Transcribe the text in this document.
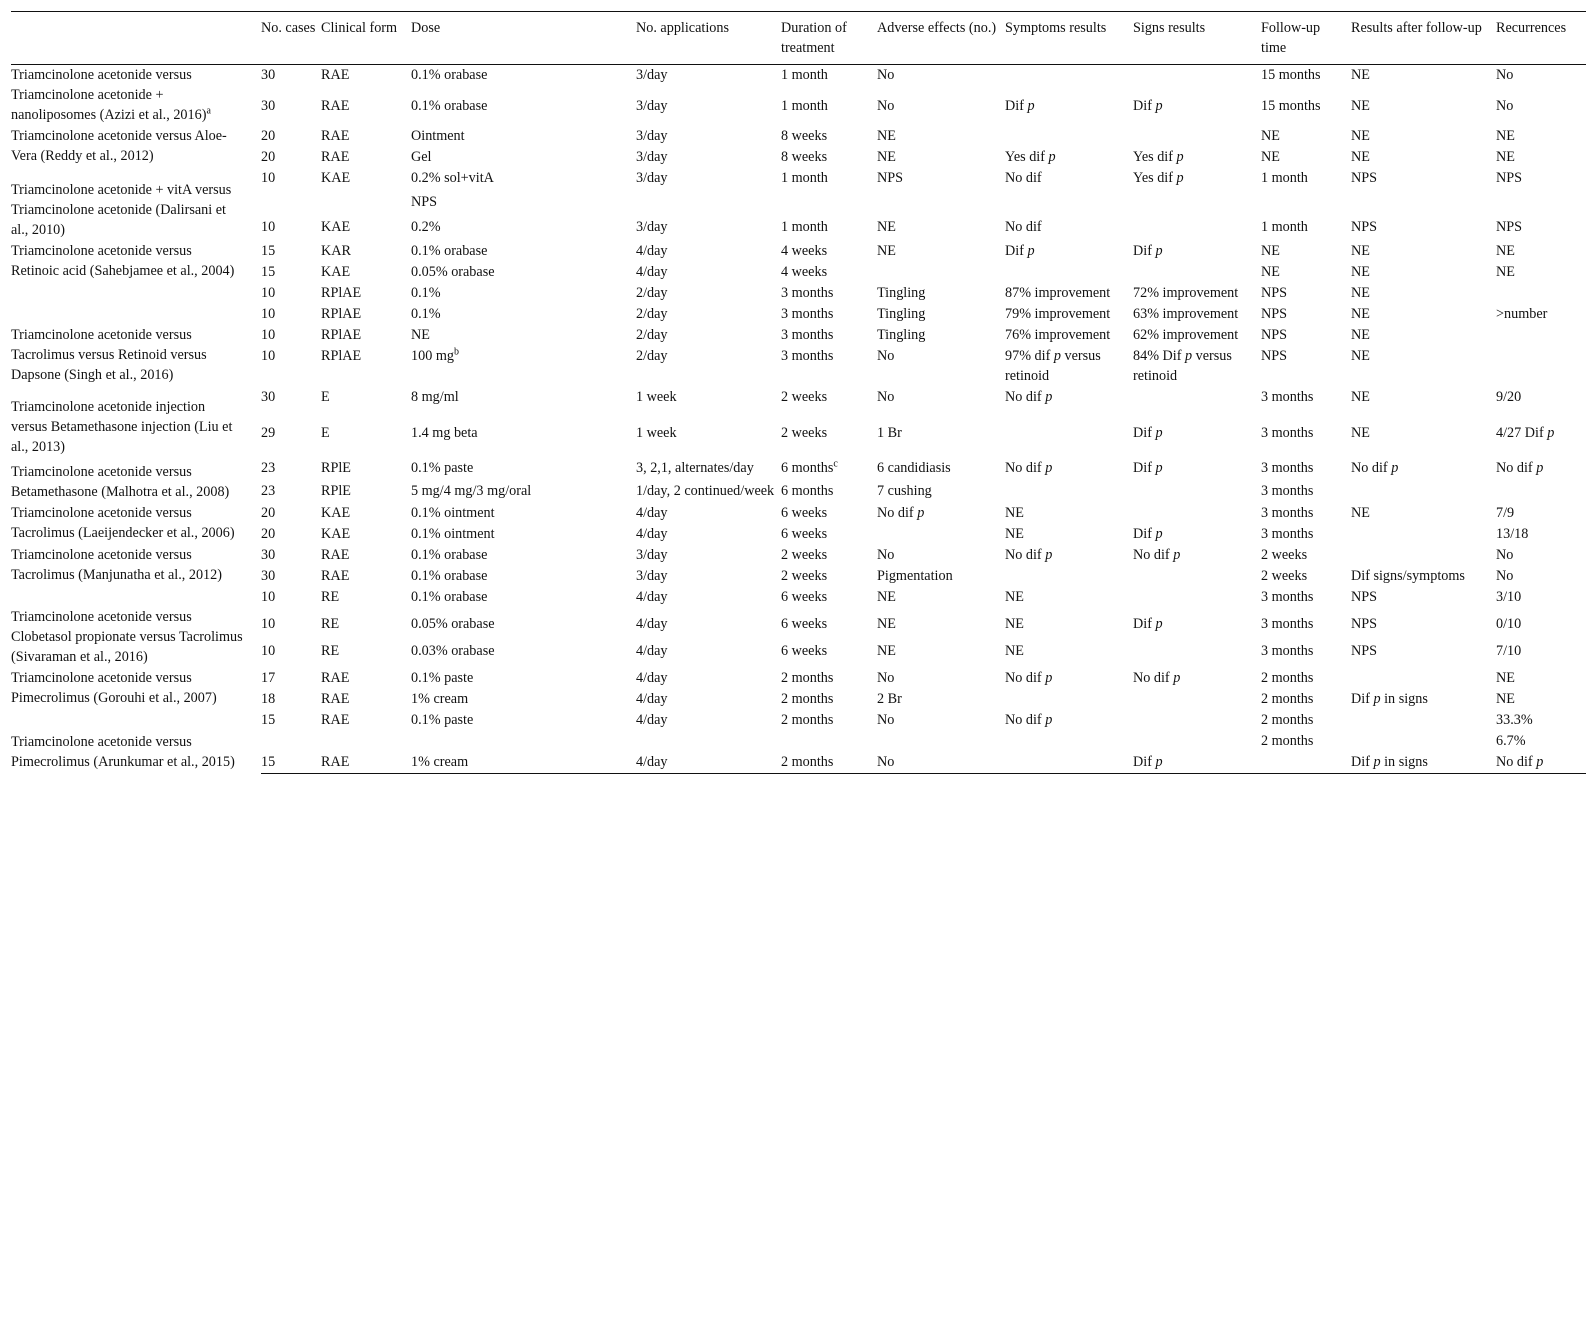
	No. cases	Clinical form	Dose	No. applications	Duration of treatment	Adverse effects (no.)	Symptoms results	Signs results	Follow-up time	Results after follow-up	Recurrences
Triamcinolone acetonide versus Triamcinolone acetonide + nanoliposomes (Azizi et al., 2016)$^a$	30	RAE	0.1% orabase	3/day	1 month	No			15 months	NE	No
	30	RAE	0.1% orabase	3/day	1 month	No	Dif p	Dif p	15 months	NE	No
Triamcinolone acetonide versus Aloe-Vera (Reddy et al., 2012)	20	RAE	Ointment	3/day	8 weeks	NE			NE	NE	NE
	20	RAE	Gel	3/day	8 weeks	NE	Yes dif p	Yes dif p	NE	NE	NE
Triamcinolone acetonide + vitA versus Triamcinolone acetonide (Dalirsani et al., 2010)	10	KAE	0.2% sol+vitA	3/day	1 month	NPS	No dif	Yes dif p	1 month	NPS	NPS
			NPS								
	10	KAE	0.2%	3/day	1 month	NE	No dif		1 month	NPS	NPS
Triamcinolone acetonide versus Retinoic acid (Sahebjamee et al., 2004)	15	KAR	0.1% orabase	4/day	4 weeks	NE	Dif p	Dif p	NE	NE	NE
	15	KAE	0.05% orabase	4/day	4 weeks				NE	NE	NE
Triamcinolone acetonide versus Tacrolimus versus Retinoid versus Dapsone (Singh et al., 2016)	10	RPlAE	0.1%	2/day	3 months	Tingling	87% improvement	72% improvement	NPS	NE	
	10	RPlAE	0.1%	2/day	3 months	Tingling	79% improvement	63% improvement	NPS	NE	>number
	10	RPlAE	NE	2/day	3 months	Tingling	76% improvement	62% improvement	NPS	NE	
	10	RPlAE	100 $mg^b$	2/day	3 months	No	97% dif p versus retinoid	84% Dif p versus retinoid	NPS	NE	
Triamcinolone acetonide injection versus Betamethasone injection (Liu et al., 2013)	30	E	8 mg/ml	1 week	2 weeks	No	No dif p		3 months	NE	9/20
	29	E	1.4 mg beta	1 week	2 weeks	1 Br		Dif p	3 months	NE	4/27 Dif p
Triamcinolone acetonide versus Betamethasone (Malhotra et al., 2008)	23	RPlE	0.1% paste	3, 2,1, alternates/day	6 months$^c$	6 candidiasis	No dif p	Dif p	3 months	No dif p	No dif p
	23	RPlE	5 mg/4 mg/3 mg/oral	1/day, 2 continued/week	6 months	7 cushing			3 months		
Triamcinolone acetonide versus Tacrolimus (Laeijendecker et al., 2006)	20	KAE	0.1% ointment	4/day	6 weeks	No dif p	NE		3 months	NE	7/9
	20	KAE	0.1% ointment	4/day	6 weeks		NE	Dif p	3 months		13/18
Triamcinolone acetonide versus Tacrolimus (Manjunatha et al., 2012)	30	RAE	0.1% orabase	3/day	2 weeks	No	No dif p	No dif p	2 weeks		No
	30	RAE	0.1% orabase	3/day	2 weeks	Pigmentation			2 weeks	Dif signs/symptoms	No
Triamcinolone acetonide versus Clobetasol propionate versus Tacrolimus (Sivaraman et al., 2016)	10	RE	0.1% orabase	4/day	6 weeks	NE	NE		3 months	NPS	3/10
	10	RE	0.05% orabase	4/day	6 weeks	NE	NE	Dif p	3 months	NPS	0/10
	10	RE	0.03% orabase	4/day	6 weeks	NE	NE		3 months	NPS	7/10
Triamcinolone acetonide versus Pimecrolimus (Gorouhi et al., 2007)	17	RAE	0.1% paste	4/day	2 months	No	No dif p	No dif p	2 months		NE
	18	RAE	1% cream	4/day	2 months	2 Br			2 months	Dif p in signs	NE
Triamcinolone acetonide versus Pimecrolimus (Arunkumar et al., 2015)	15	RAE	0.1% paste	4/day	2 months	No	No dif p		2 months		33.3%
									2 months		6.7%
	15	RAE	1% cream	4/day	2 months	No		Dif p		Dif p in signs	No dif p
